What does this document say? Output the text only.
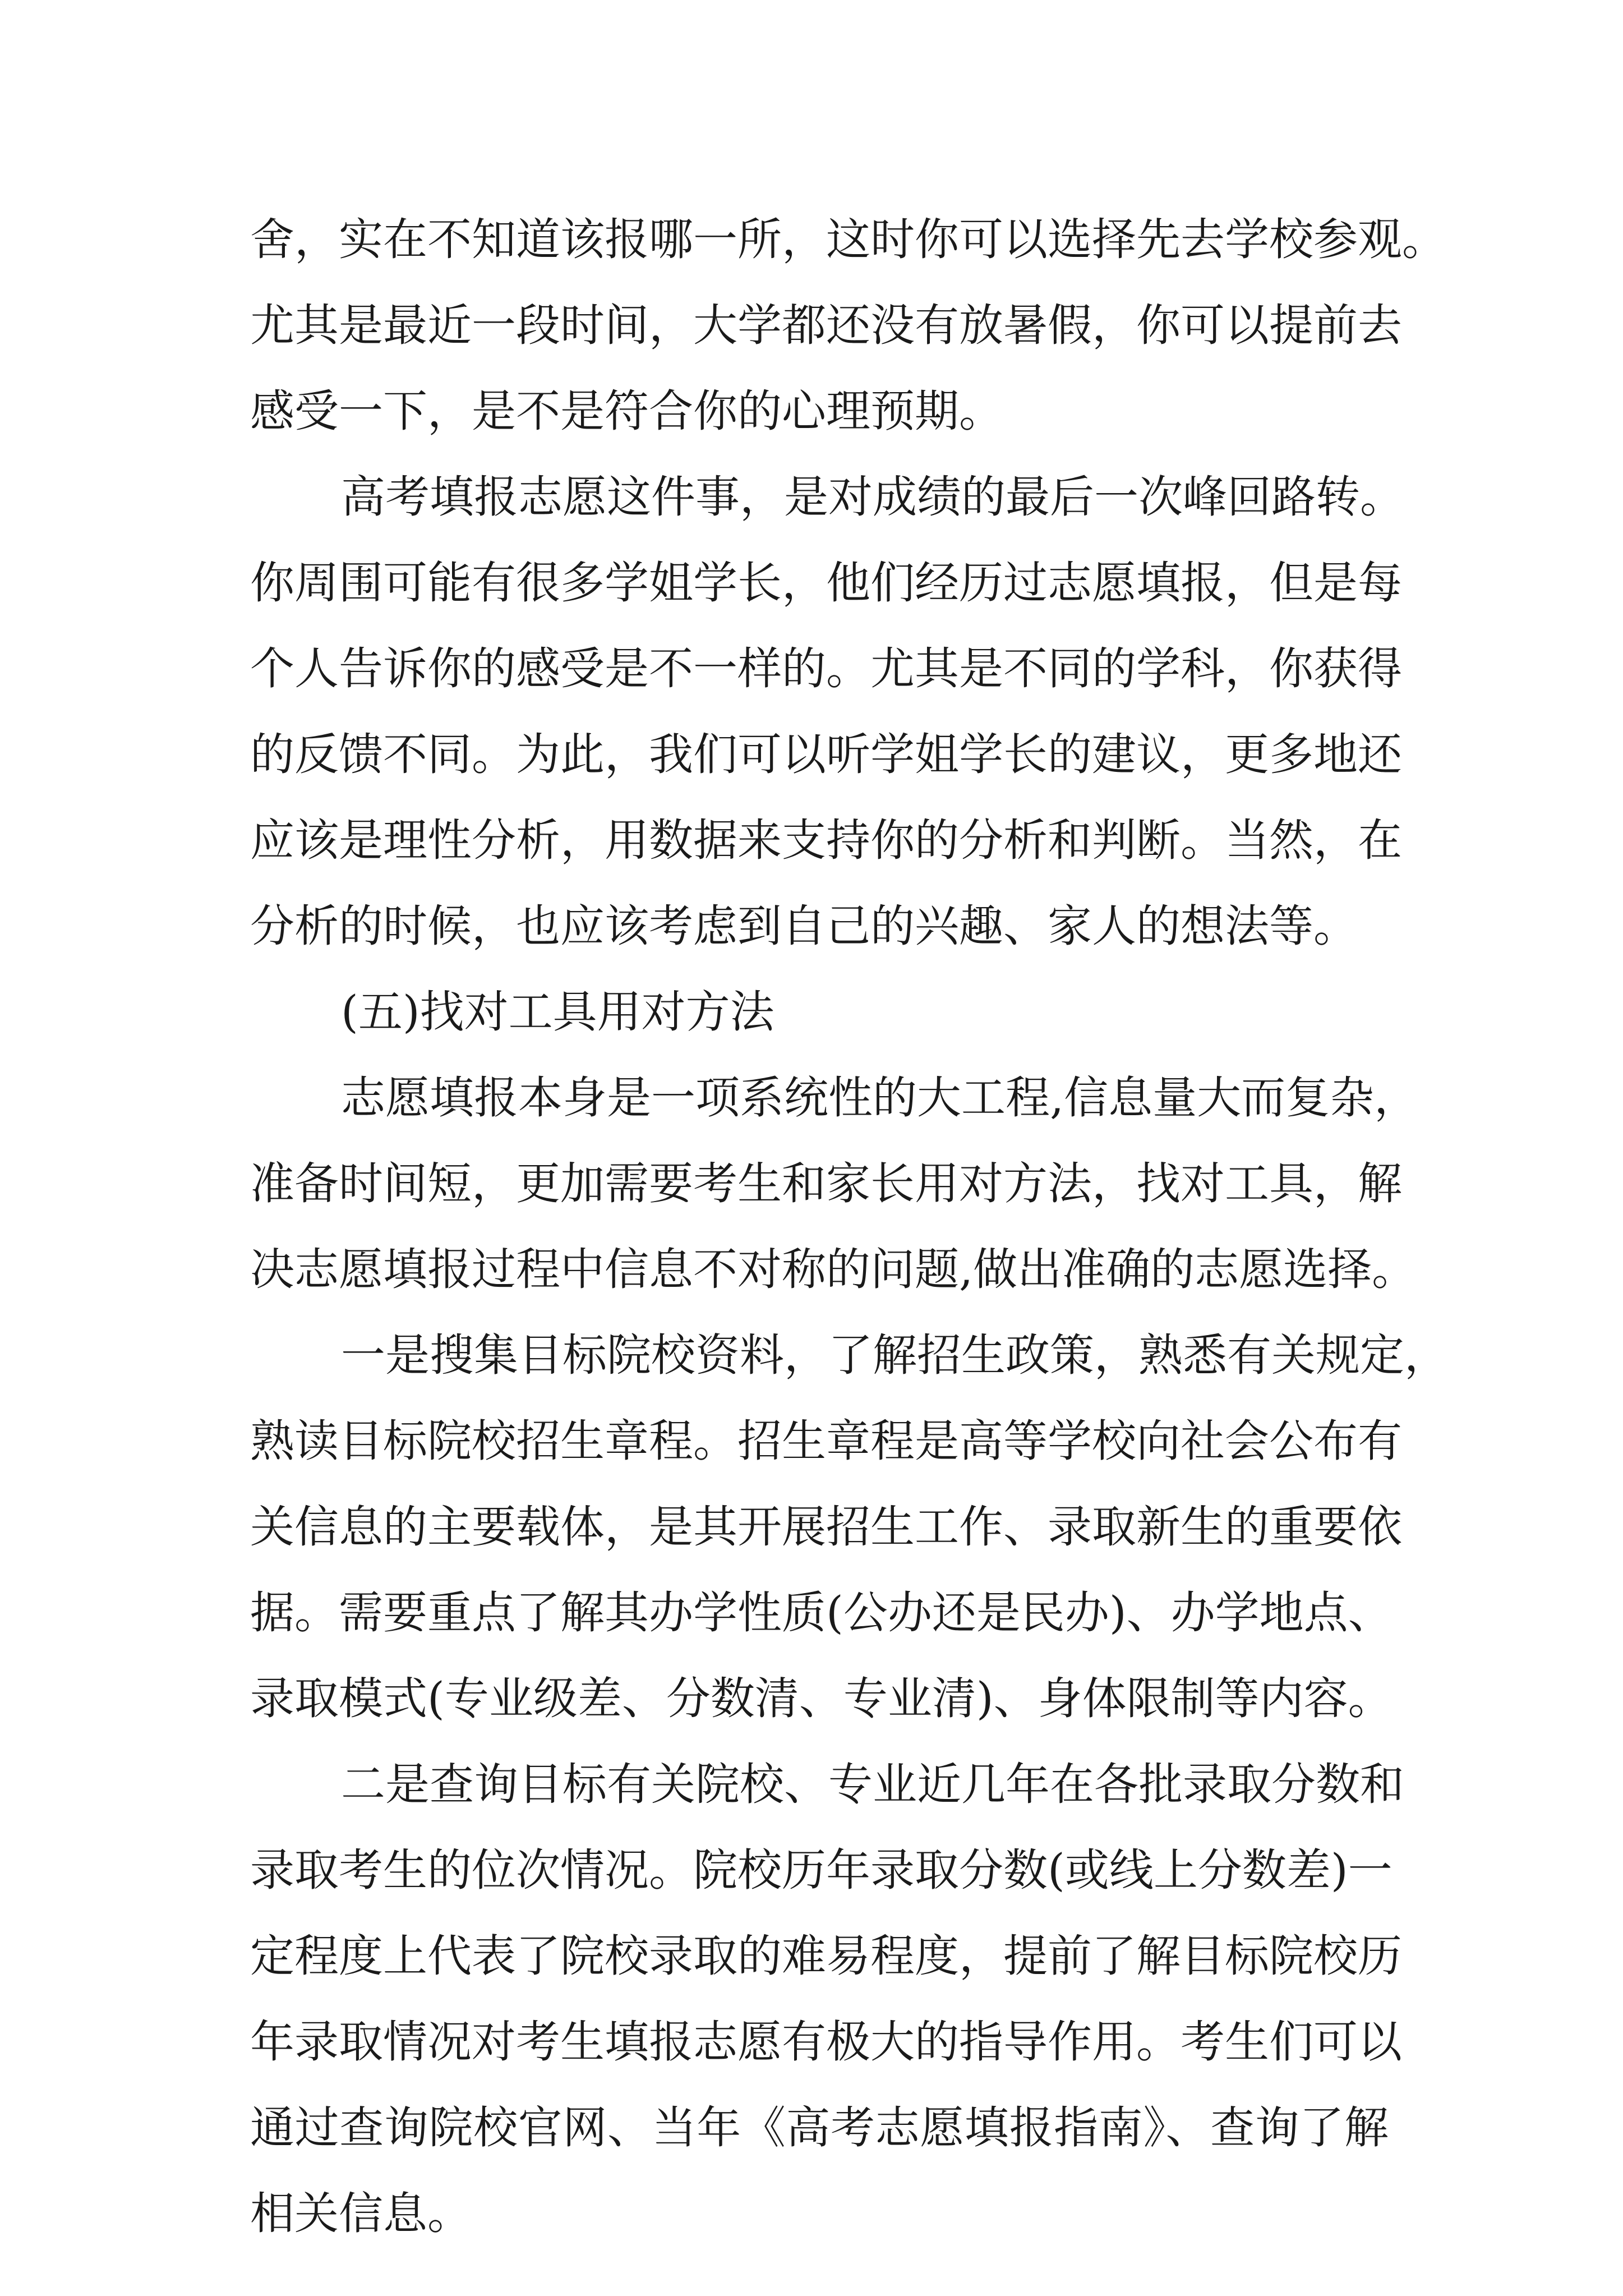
舍，实在不知道该报哪一所，这时你可以选择先去学校参观。
尤其是最近一段时间，大学都还没有放暑假，你可以提前去
感受一下，是不是符合你的心理预期。
高考填报志愿这件事，是对成绩的最后一次峰回路转。
你周围可能有很多学姐学长，他们经历过志愿填报，但是每
个人告诉你的感受是不一样的。尤其是不同的学科，你获得
的反馈不同。为此，我们可以听学姐学长的建议，更多地还
应该是理性分析，用数据来支持你的分析和判断。当然，在
分析的时候，也应该考虑到自己的兴趣、家人的想法等。
(五)找对工具用对方法
志愿填报本身是一项系统性的大工程,信息量大而复杂，
准备时间短，更加需要考生和家长用对方法，找对工具，解
决志愿填报过程中信息不对称的问题,做出准确的志愿选择。
一是搜集目标院校资料，了解招生政策，熟悉有关规定，
熟读目标院校招生章程。招生章程是高等学校向社会公布有
关信息的主要载体，是其开展招生工作、录取新生的重要依
据。需要重点了解其办学性质(公办还是民办)、办学地点、
录取模式(专业级差、分数清、专业清)、身体限制等内容。
二是查询目标有关院校、专业近几年在各批录取分数和
录取考生的位次情况。院校历年录取分数(或线上分数差)一
定程度上代表了院校录取的难易程度，提前了解目标院校历
年录取情况对考生填报志愿有极大的指导作用。考生们可以
通过查询院校官网、当年《高考志愿填报指南》、查询了解
相关信息。
